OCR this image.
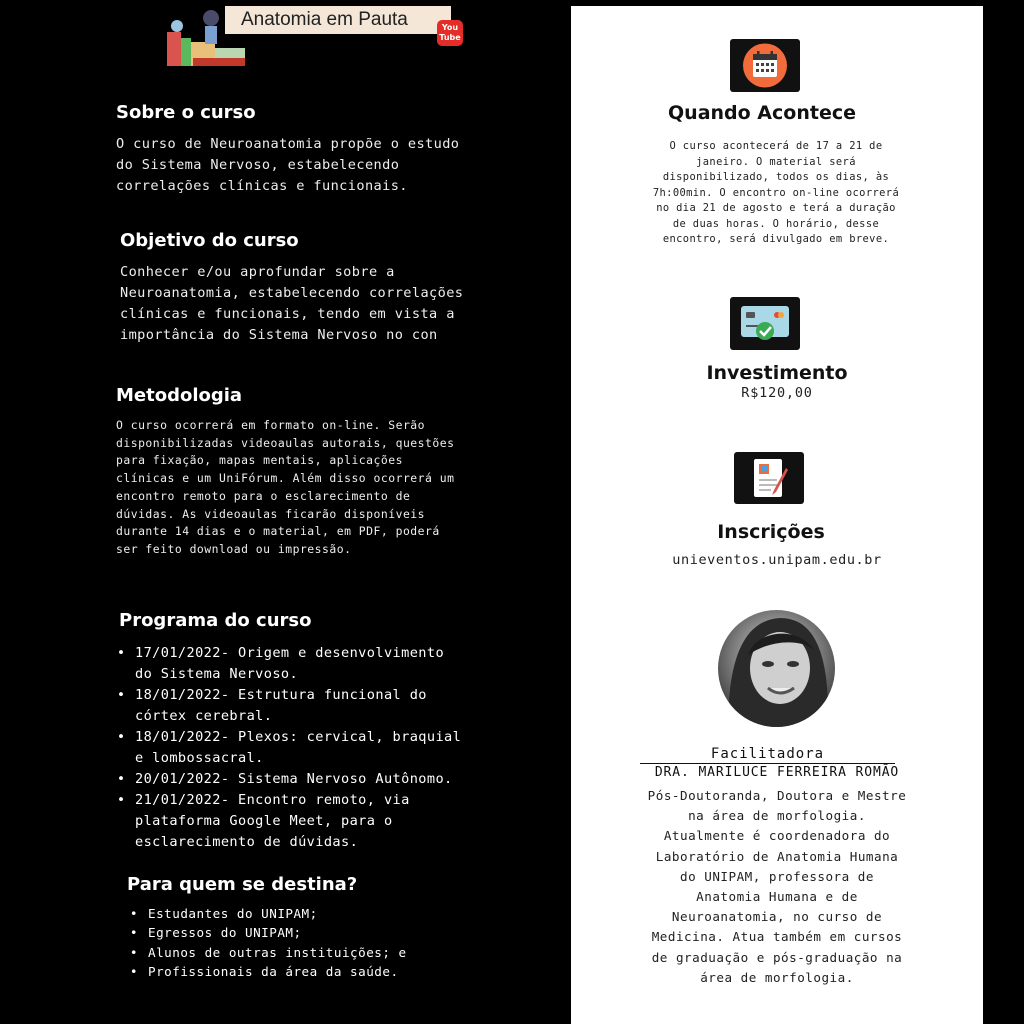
Anatomia em Pauta	You
Tube
Sobre o curso
O curso de Neuroanatomia propõe o estudo
do Sistema Nervoso, estabelecendo
correlações clínicas e funcionais.
Objetivo do curso
Conhecer e/ou aprofundar sobre a
Neuroanatomia, estabelecendo correlações
clínicas e funcionais, tendo em vista a
importância do Sistema Nervoso no con
Metodologia
O curso ocorrerá em formato on-line. Serão
disponibilizadas videoaulas autorais, questões
para fixação, mapas mentais, aplicações
clínicas e um UniFórum. Além disso ocorrerá um
encontro remoto para o esclarecimento de
dúvidas. As videoaulas ficarão disponíveis
durante 14 dias e o material, em PDF, poderá
ser feito download ou impressão.
Programa do curso
• 17/01/2022- Origem e desenvolvimento
do Sistema Nervoso.
• 18/01/2022- Estrutura funcional do
córtex cerebral.
• 18/01/2022- Plexos: cervical, braquial
e lombossacral.
• 20/01/2022- Sistema Nervoso Autônomo.
• 21/01/2022- Encontro remoto, via
plataforma Google Meet, para o
esclarecimento de dúvidas.
Para quem se destina?
• Estudantes do UNIPAM;
• Egressos do UNIPAM;
• Alunos de outras instituições; e
• Profissionais da área da saúde.
Quando Acontece
O curso acontecerá de 17 a 21 de
janeiro. O material será
disponibilizado, todos os dias, às
7h:00min. O encontro on-line ocorrerá
no dia 21 de agosto e terá a duração
de duas horas. O horário, desse
encontro, será divulgado em breve.
Investimento
R$120,00
Inscrições
unieventos.unipam.edu.br
Facilitadora
DRA. MARILUCE FERREIRA ROMÃO
Pós-Doutoranda, Doutora e Mestre
na área de morfologia.
Atualmente é coordenadora do
Laboratório de Anatomia Humana
do UNIPAM, professora de
Anatomia Humana e de
Neuroanatomia, no curso de
Medicina. Atua também em cursos
de graduação e pós-graduação na
área de morfologia.
